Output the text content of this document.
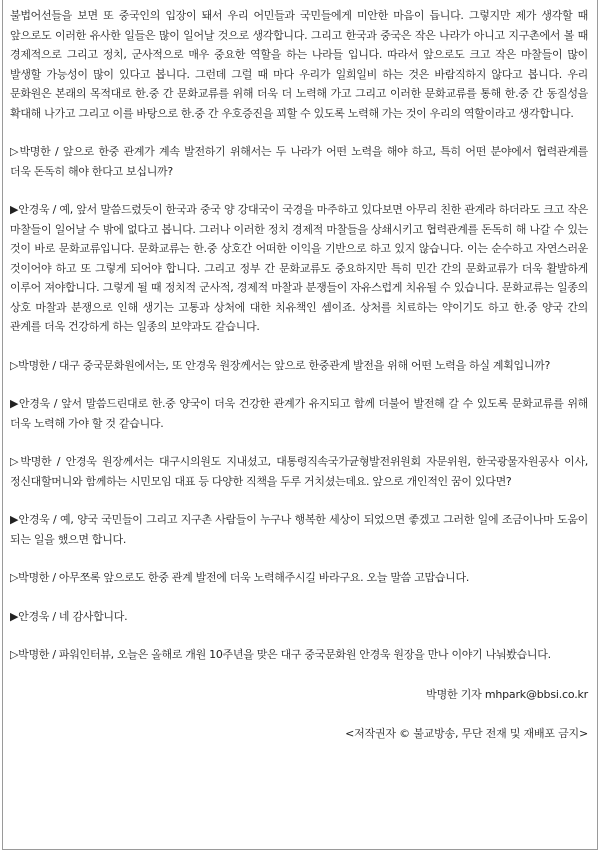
불법어선들을 보면 또 중국인의 입장이 돼서 우리 어민들과 국민들에게 미안한 마음이 듭니다. 그렇지만 제가 생각할 때 앞으로도 이러한 유사한 일들은 많이 일어날 것으로 생각합니다. 그리고 한국과 중국은 작은 나라가 아니고 지구촌에서 볼 때 경제적으로 그리고 정치, 군사적으로 매우 중요한 역할을 하는 나라들 입니다. 따라서 앞으로도 크고 작은 마찰들이 많이 발생할 가능성이 많이 있다고 봅니다. 그런데 그럴 때 마다 우리가 일희일비 하는 것은 바람직하지 않다고 봅니다. 우리 문화원은 본래의 목적대로 한.중 간 문화교류를 위해 더욱 더 노력해 가고 그리고 이러한 문화교류를 통해 한.중 간 동질성을 확대해 나가고 그리고 이를 바탕으로 한.중 간 우호증진을 꾀할 수 있도록 노력해 가는 것이 우리의 역할이라고 생각합니다.

▷박명한 / 앞으로 한중 관계가 계속 발전하기 위해서는 두 나라가 어떤 노력을 해야 하고, 특히 어떤 분야에서 협력관계를 더욱 돈독히 해야 한다고 보십니까?

▶안경욱 / 예, 앞서 말씀드렸듯이 한국과 중국 양 강대국이 국경을 마주하고 있다보면 아무리 친한 관계라 하더라도 크고 작은 마찰들이 일어날 수 밖에 없다고 봅니다. 그러나 이러한 정치 경제적 마찰들을 상쇄시키고 협력관계를 돈독히 해 나갈 수 있는 것이 바로 문화교류입니다. 문화교류는 한.중 상호간 어떠한 이익을 기반으로 하고 있지 않습니다. 이는 순수하고 자연스러운 것이어야 하고 또 그렇게 되어야 합니다. 그리고 정부 간 문화교류도 중요하지만 특히 민간 간의 문화교류가 더욱 활발하게 이루어 져야합니다. 그렇게 될 때 정치적 군사적, 경제적 마찰과 분쟁들이 자유스럽게 치유될 수 있습니다. 문화교류는 일종의 상호 마찰과 분쟁으로 인해 생기는 고통과 상처에 대한 치유책인 셈이죠. 상처를 치료하는 약이기도 하고 한.중 양국 간의 관계를 더욱 건강하게 하는 일종의 보약과도 같습니다.

▷박명한 / 대구 중국문화원에서는, 또 안경욱 원장께서는 앞으로 한중관계 발전을 위해 어떤 노력을 하실 계획입니까?

▶안경욱 / 앞서 말씀드린대로 한.중 양국이 더욱 건강한 관계가 유지되고 함께 더불어 발전해 갈 수 있도록 문화교류를 위해 더욱 노력해 가야 할 것 같습니다.

▷박명한 / 안경욱 원장께서는 대구시의원도 지내셨고, 대통령직속국가균형발전위원회 자문위원, 한국광물자원공사 이사, 정신대할머니와 함께하는 시민모임 대표 등 다양한 직책을 두루 거치셨는데요. 앞으로 개인적인 꿈이 있다면?

▶안경욱 / 예, 양국 국민들이 그리고 지구촌 사람들이 누구나 행복한 세상이 되었으면 좋겠고 그러한 일에 조금이나마 도움이 되는 일을 했으면 합니다.

▷박명한 / 아무쪼록 앞으로도 한중 관계 발전에 더욱 노력해주시길 바라구요. 오늘 말씀 고맙습니다.

▶안경욱 / 네 감사합니다.

▷박명한 / 파워인터뷰, 오늘은 올해로 개원 10주년을 맞은 대구 중국문화원 안경욱 원장을 만나 이야기 나눠봤습니다.

박명한 기자 mhpark@bbsi.co.kr
<저작권자 © 불교방송, 무단 전재 및 재배포 금지>
